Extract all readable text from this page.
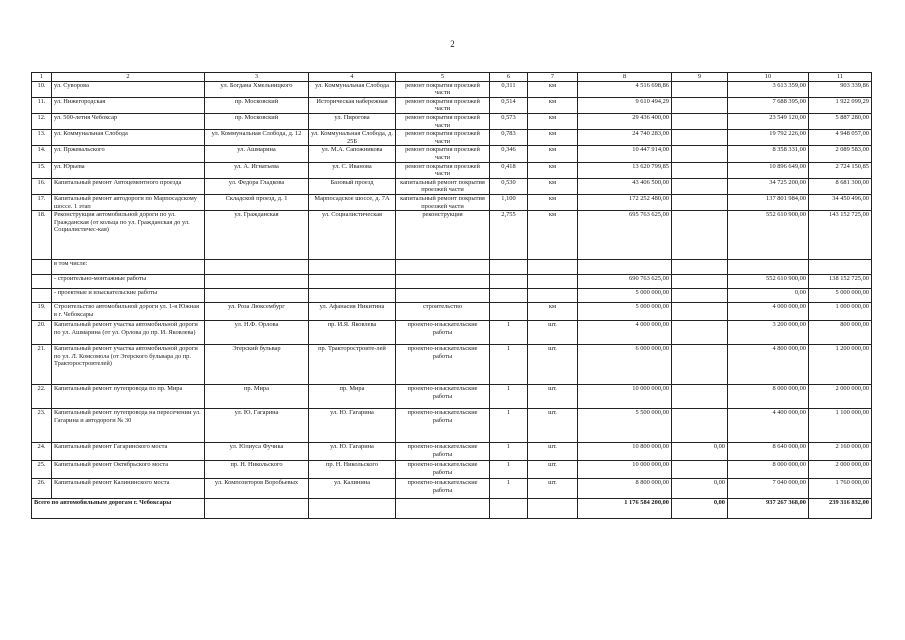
2
1	2	3	4	5	6	7	8	9	10	11
10.	ул. Суворова	ул. Богдана Хмельницкого	ул. Коммунальная Слобода	ремонт покрытия проезжей части	0,311	км	4 516 698,86		3 613 359,00	903 339,86
11.	ул. Нижегородская	пр. Московский	Историческая набережная	ремонт покрытия проезжей части	0,514	км	9 610 494,29		7 688 395,00	1 922 099,29
12.	ул. 500-летия Чебоксар	пр. Московский	ул. Пирогова	ремонт покрытия проезжей части	0,573	км	29 436 400,00		23 549 120,00	5 887 280,00
13.	ул. Коммунальная Слобода	ул. Коммунальная Слобода, д. 12	ул. Коммунальная Слобода, д. 25Б	ремонт покрытия проезжей части	0,783	км	24 740 283,00		19 792 226,00	4 948 057,00
14.	ул. Пржевальского	ул. Ашмарина	ул. М.А. Сапожникова	ремонт покрытия проезжей части	0,346	км	10 447 914,00		8 358 331,00	2 089 583,00
15.	ул. Юрьева	ул. А. Игнатьева	ул. С. Иванова	ремонт покрытия проезжей части	0,418	км	13 620 799,85		10 896 649,00	2 724 150,85
16.	Капитальный ремонт Автоцементного проезда	ул. Федора Гладкова	Базовый проезд	капитальный ремонт покрытия проезжей части	0,530	км	43 406 500,00		34 725 200,00	8 681 300,00
17.	Капитальный ремонт автодороги по Марпосадскому шоссе. 1 этап	Складской проезд, д. 1	Марпосадское шоссе, д. 7А	капитальный ремонт покрытия проезжей части	1,100	км	172 252 480,00		137 801 984,00	34 450 496,00
18.	Реконструкция автомобильной дороги по ул. Гражданская (от кольца по ул. Гражданская до ул. Социалистичес-кая)	ул. Гражданская	ул. Социалистическая	реконструкция	2,755	км	695 763 625,00		552 610 900,00	143 152 725,00
	в том числе:									
	- строительно-монтажные работы						690 763 625,00		552 610 900,00	138 152 725,00
	- проектные и изыскательские работы						5 000 000,00		0,00	5 000 000,00
19.	Строительство автомобильной дороги ул. 1-я Южная в г. Чебоксары	ул. Роза Люксембург	ул. Афанасия Никитина	строительство		км	5 000 000,00		4 000 000,00	1 000 000,00
20.	Капитальный ремонт участка автомобильной дороги по ул. Ашмарина (от ул. Орлова до пр. И. Яковлева)	ул. Н.Ф. Орлова	пр. И.Я. Яковлева	проектно-изыскательские работы	1	шт.	4 000 000,00		3 200 000,00	800 000,00
21.	Капитальный ремонт участка автомобильной дороги по ул. Л. Комсомола (от Эгерского бульвара до пр. Тракторостроителей)	Эгерский бульвар	пр. Тракторостроите-лей	проектно-изыскательские работы	1	шт.	6 000 000,00		4 800 000,00	1 200 000,00
22.	Капитальный ремонт путепровода по пр. Мира	пр. Мира	пр. Мира	проектно-изыскательские работы	1	шт.	10 000 000,00		8 000 000,00	2 000 000,00
23.	Капитальный ремонт путепровода на пересечении ул. Гагарина и автодороги № 30	ул. Ю. Гагарина	ул. Ю. Гагарина	проектно-изыскательские работы	1	шт.	5 500 000,00		4 400 000,00	1 100 000,00
24.	Капитальный ремонт Гагаринского моста	ул. Юлиуса Фучика	ул. Ю. Гагарина	проектно-изыскательские работы	1	шт.	10 800 000,00	0,00	8 640 000,00	2 160 000,00
25.	Капитальный ремонт Октябрьского моста	пр. Н. Никольского	пр. Н. Никольского	проектно-изыскательские работы	1	шт.	10 000 000,00		8 000 000,00	2 000 000,00
26.	Капитальный ремонт Калининского моста	ул. Композиторов Воробьевых	ул. Калинина	проектно-изыскательские работы	1	шт.	8 800 000,00	0,00	7 040 000,00	1 760 000,00
Всего по автомобильным дорогам г. Чебоксары							1 176 584 200,00	0,00	937 267 368,00	239 316 832,00
